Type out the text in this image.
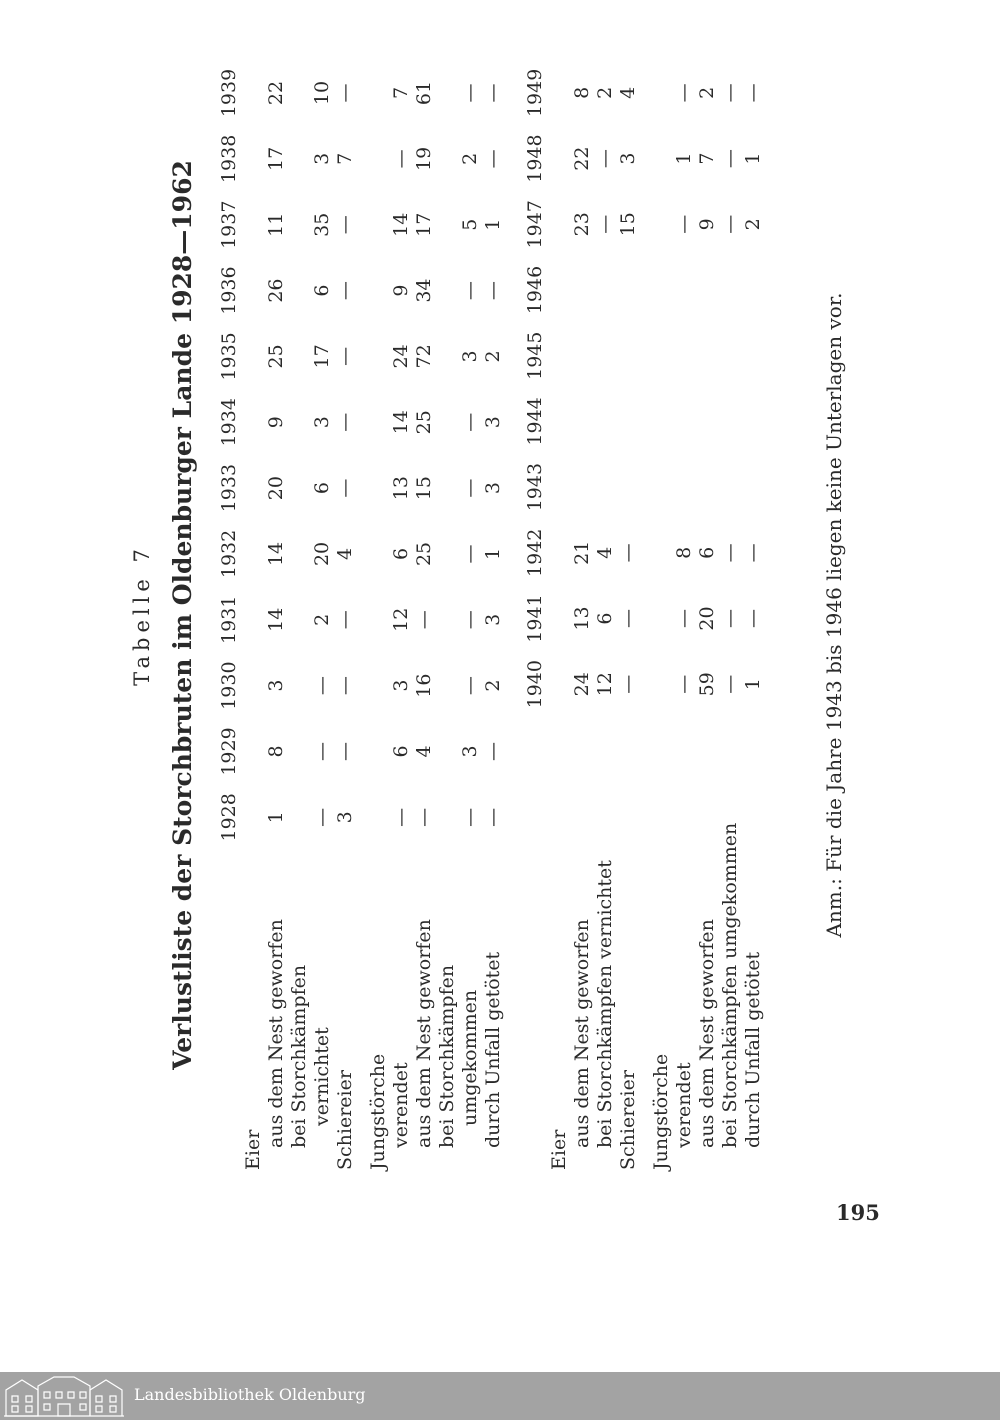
Tabelle 7 Verlustliste der Storchbruten im Oldenburger Lande 1928—1962
	1928	1929	1930	1931	1932	1933	1934	1935	1936	1937	1938	1939
Eier												
aus dem Nest geworfen	1	8	3	14	14	20	9	25	26	11	17	22
bei Storchkämpfen												
vernichtet	—	—	—	2	20	6	3	17	6	35	3	10
Schiereier	3	—	—	—	4	—	—	—	—	—	7	—

Jungstörche												
verendet	—	6	3	12	6	13	14	24	9	14	—	7
aus dem Nest geworfen	—	4	16	—	25	15	25	72	34	17	19	61
bei Storchkämpfen												
umgekommen	—	3	—	—	—	—	—	3	—	5	2	—
durch Unfall getötet	—	—	2	3	1	3	3	2	—	1	—	—
			1940	1941	1942	1943	1944	1945	1946	1947	1948	1949
Eier												
aus dem Nest geworfen			24	13	21					23	22	8
bei Storchkämpfen vernichtet			12	6	4					—	—	2
Schiereier			—	—	—					15	3	4

Jungstörche												
verendet			—	—	8					—	1	—
aus dem Nest geworfen			59	20	6					9	7	2
bei Storchkämpfen umgekommen			—	—	—					—	—	—
durch Unfall getötet			1	—	—					2	1	—
Anm.: Für die Jahre 1943 bis 1946 liegen keine Unterlagen vor.
195
Landesbibliothek Oldenburg
